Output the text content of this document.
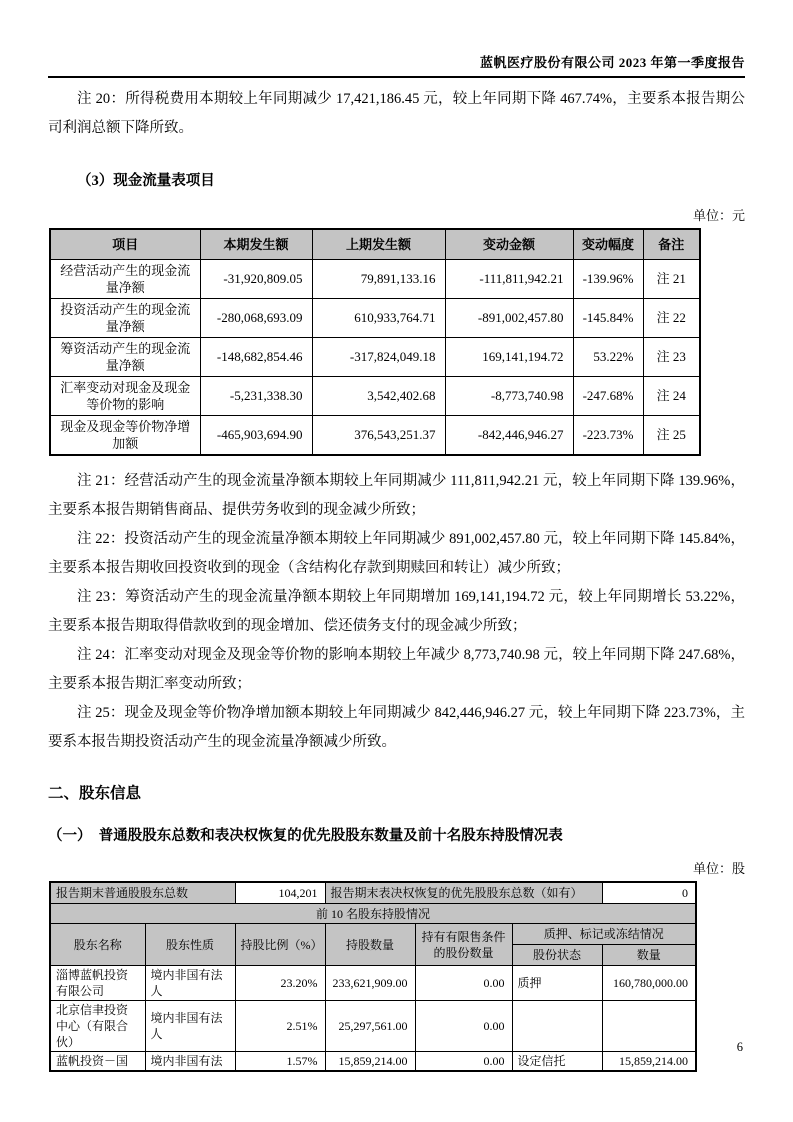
蓝帆医疗股份有限公司 2023 年第一季度报告

注 20：所得税费用本期较上年同期减少 17,421,186.45 元，较上年同期下降 467.74%，主要系本报告期公司利润总额下降所致。

（3）现金流量表项目
单位：元
项目	本期发生额	上期发生额	变动金额	变动幅度	备注
经营活动产生的现金流量净额	-31,920,809.05	79,891,133.16	-111,811,942.21	-139.96%	注 21
投资活动产生的现金流量净额	-280,068,693.09	610,933,764.71	-891,002,457.80	-145.84%	注 22
筹资活动产生的现金流量净额	-148,682,854.46	-317,824,049.18	169,141,194.72	53.22%	注 23
汇率变动对现金及现金等价物的影响	-5,231,338.30	3,542,402.68	-8,773,740.98	-247.68%	注 24
现金及现金等价物净增加额	-465,903,694.90	376,543,251.37	-842,446,946.27	-223.73%	注 25

注 21：经营活动产生的现金流量净额本期较上年同期减少 111,811,942.21 元，较上年同期下降 139.96%，主要系本报告期销售商品、提供劳务收到的现金减少所致；

注 22：投资活动产生的现金流量净额本期较上年同期减少 891,002,457.80 元，较上年同期下降 145.84%，主要系本报告期收回投资收到的现金（含结构化存款到期赎回和转让）减少所致；

注 23：筹资活动产生的现金流量净额本期较上年同期增加 169,141,194.72 元，较上年同期增长 53.22%，主要系本报告期取得借款收到的现金增加、偿还债务支付的现金减少所致；

注 24：汇率变动对现金及现金等价物的影响本期较上年减少 8,773,740.98 元，较上年同期下降 247.68%，主要系本报告期汇率变动所致；

注 25：现金及现金等价物净增加额本期较上年同期减少 842,446,946.27 元，较上年同期下降 223.73%，主要系本报告期投资活动产生的现金流量净额减少所致。

二、股东信息
（一）　普通股股东总数和表决权恢复的优先股股东数量及前十名股东持股情况表
单位：股
报告期末普通股股东总数		104,201	报告期末表决权恢复的优先股股东总数（如有）			0
前 10 名股东持股情况						
股东名称	股东性质	持股比例（%）	持股数量	持有有限售条件的股份数量	质押、标记或冻结情况	
					股份状态	数量
淄博蓝帆投资有限公司	境内非国有法人	23.20%	233,621,909.00	0.00	质押	160,780,000.00
北京信聿投资中心（有限合伙）	境内非国有法人	2.51%	25,297,561.00	0.00		
蓝帆投资－国	境内非国有法	1.57%	15,859,214.00	0.00	设定信托	15,859,214.00
6
